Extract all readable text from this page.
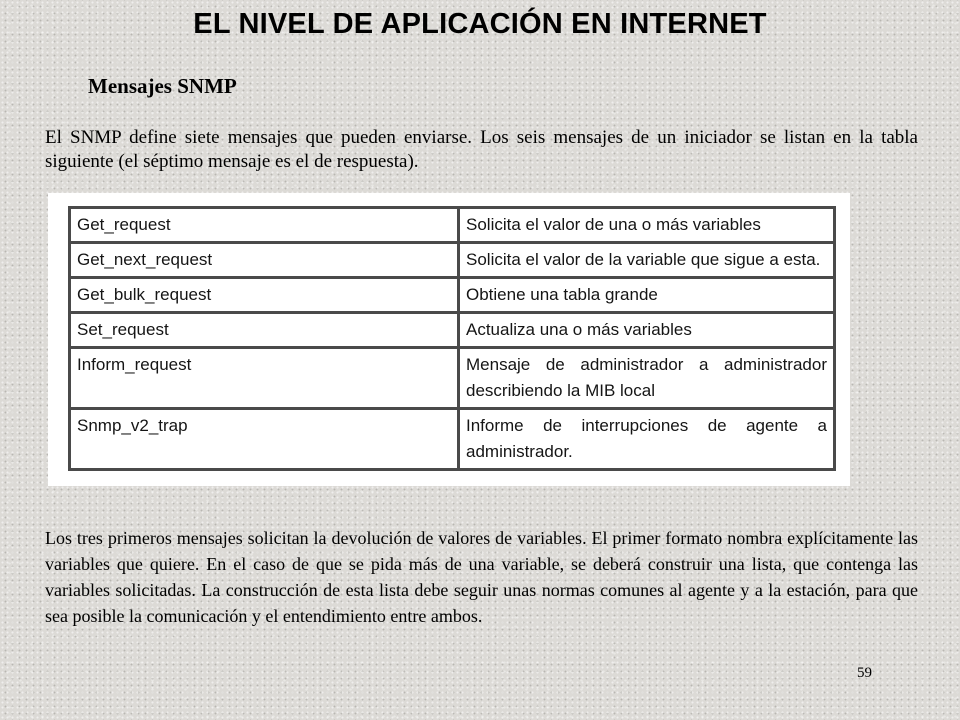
EL NIVEL DE APLICACIÓN EN INTERNET
Mensajes SNMP
El SNMP define siete mensajes que pueden enviarse. Los seis mensajes de un iniciador se listan en la tabla siguiente (el séptimo mensaje es el de respuesta).
Get_request	Solicita el valor de una o más variables
Get_next_request	Solicita el valor de la variable que sigue a esta.
Get_bulk_request	Obtiene una tabla grande
Set_request	Actualiza una o más variables
Inform_request	Mensaje de administrador a administrador describiendo la MIB local
Snmp_v2_trap	Informe de interrupciones de agente a administrador.
Los tres primeros mensajes solicitan la devolución de valores de variables. El primer formato nombra explícitamente las variables que quiere. En el caso de que se pida más de una variable, se deberá construir una lista, que contenga las variables solicitadas. La construcción de esta lista debe seguir unas normas comunes al agente y a la estación, para que sea posible la comunicación y el entendimiento entre ambos.
59
